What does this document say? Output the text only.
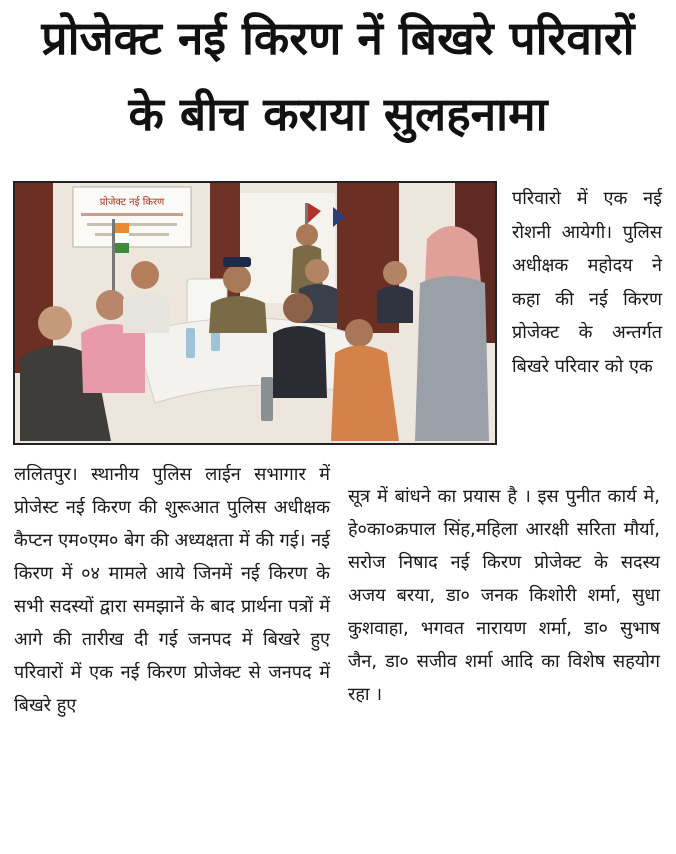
प्रोजेक्ट नई किरण नें बिखरे परिवारों
के बीच कराया सुलहनामा
प्रोजेक्ट नई किरण	परिवारो में एक नई रोशनी आयेगी। पुलिस अधीक्षक महोदय ने कहा की नई किरण प्रोजेक्ट के अन्तर्गत बिखरे परिवार को एक

ललितपुर। स्थानीय पुलिस लाईन सभागार में प्रोजेस्ट नई किरण की शुरूआत पुलिस अधीक्षक कैप्टन एम०एम० बेग की अध्यक्षता में की गई। नई किरण में ०४ मामले आये जिनमें नई किरण के सभी सदस्यों द्वारा समझानें के बाद प्रार्थना पत्रों में आगे की तारीख दी गई जनपद में बिखरे हुए परिवारों में एक नई किरण प्रोजेक्ट से जनपद में बिखरे हुए

सूत्र में बांधने का प्रयास है । इस पुनीत कार्य मे, हे०का०क्रपाल सिंह,महिला आरक्षी सरिता मौर्या, सरोज निषाद नई किरण प्रोजेक्ट के सदस्य अजय बरया, डा० जनक किशोरी शर्मा, सुधा कुशवाहा, भगवत नारायण शर्मा, डा० सुभाष जैन, डा० सजीव शर्मा आदि का विशेष सहयोग रहा ।
